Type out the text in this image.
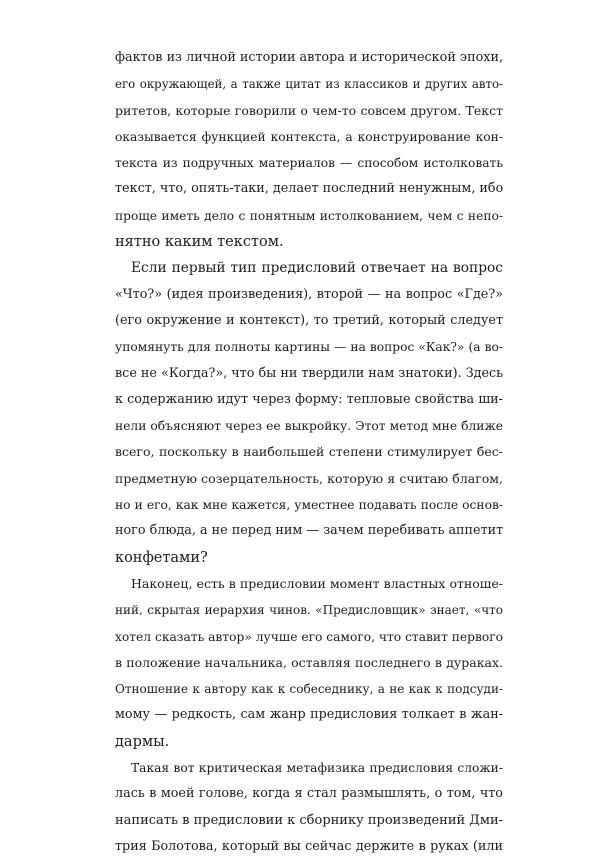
фактов из личной истории автора и исторической эпохи,
его окружающей, а также цитат из классиков и других авто-
ритетов, которые говорили о чем-то совсем другом. Текст
оказывается функцией контекста, а конструирование кон-
текста из подручных материалов — способом истолковать
текст, что, опять-таки, делает последний ненужным, ибо
проще иметь дело с понятным истолкованием, чем с непо-
нятно каким текстом.
Если первый тип предисловий отвечает на вопрос
«Что?» (идея произведения), второй — на вопрос «Где?»
(его окружение и контекст), то третий, который следует
упомянуть для полноты картины — на вопрос «Как?» (а во-
все не «Когда?», что бы ни твердили нам знатоки). Здесь
к содержанию идут через форму: тепловые свойства ши-
нели объясняют через ее выкройку. Этот метод мне ближе
всего, поскольку в наибольшей степени стимулирует бес-
предметную созерцательность, которую я считаю благом,
но и его, как мне кажется, уместнее подавать после основ-
ного блюда, а не перед ним — зачем перебивать аппетит
конфетами?
Наконец, есть в предисловии момент властных отноше-
ний, скрытая иерархия чинов. «Предисловщик» знает, «что
хотел сказать автор» лучше его самого, что ставит первого
в положение начальника, оставляя последнего в дураках.
Отношение к автору как к собеседнику, а не как к подсуди-
мому — редкость, сам жанр предисловия толкает в жан-
дармы.
Такая вот критическая метафизика предисловия сложи-
лась в моей голове, когда я стал размышлять, о том, что
написать в предисловии к сборнику произведений Дми-
трия Болотова, который вы сейчас держите в руках (или
